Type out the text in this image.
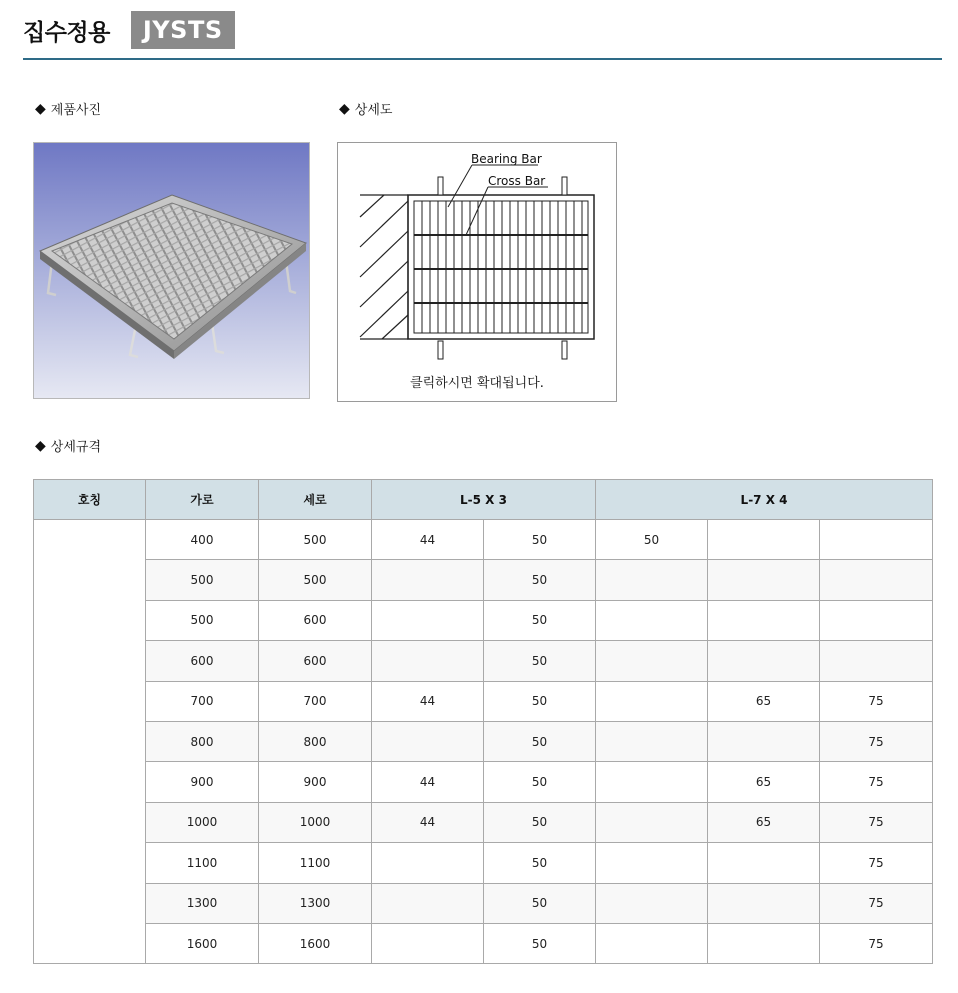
집수정용	JYSTS
◆ 제품사진	◆ 상세도
◆ 상세규격
Bearing Bar
Cross Bar
클릭하시면 확대됩니다.
호칭	가로	세로	L-5 X 3		L-7 X 4		
	400	500	44	50	50		
	500	500		50			
	500	600		50			
	600	600		50			
	700	700	44	50		65	75
	800	800		50			75
	900	900	44	50		65	75
	1000	1000	44	50		65	75
	1100	1100		50			75
	1300	1300		50			75
	1600	1600		50			75
